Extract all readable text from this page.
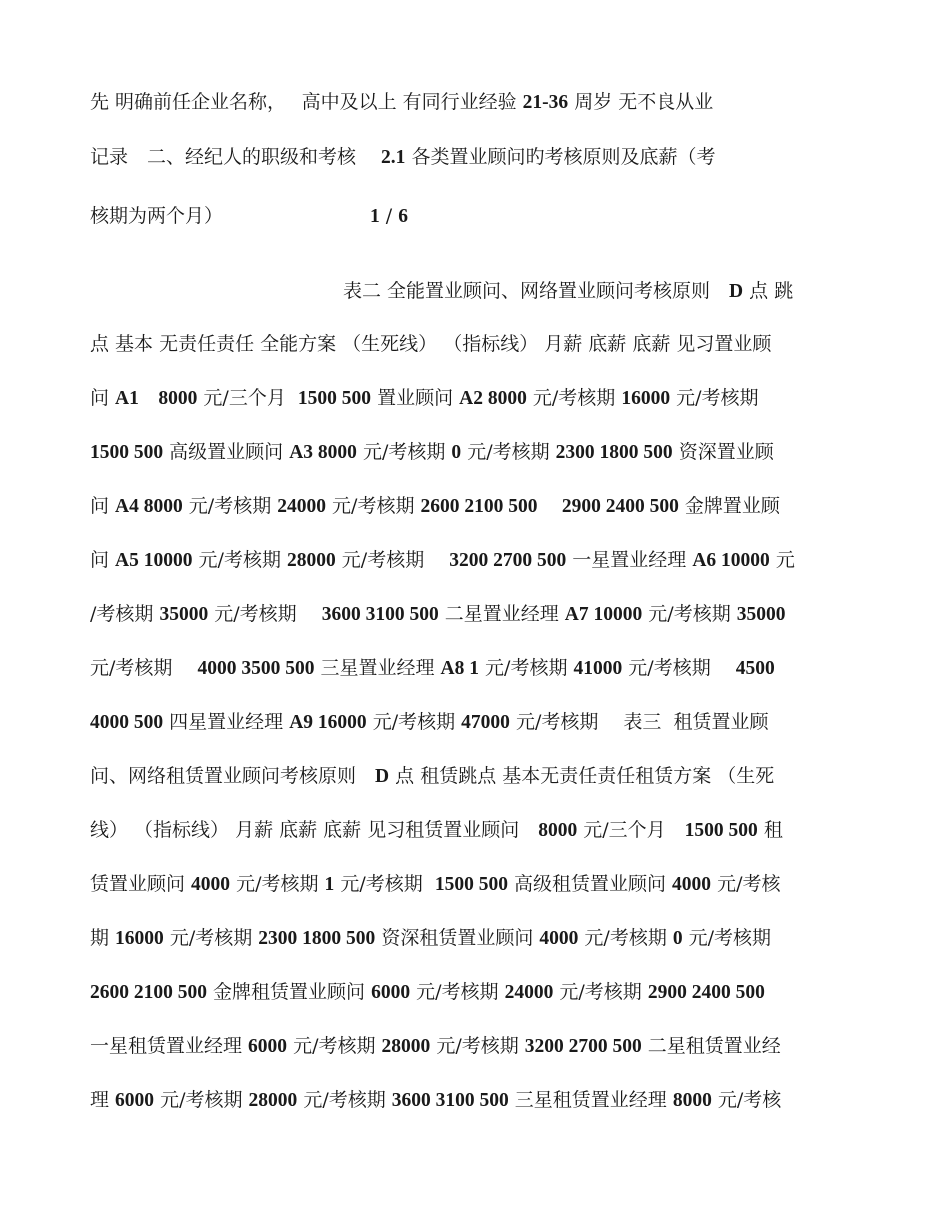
先 明确前任企业名称，　 高中及以上 有同行业经验 21-36 周岁 无不良从业
记录　二、经纪人的职级和考核　 2.1 各类置业顾问旳考核原则及底薪（考
核期为两个月）	1 / 6
表二 全能置业顾问、网络置业顾问考核原则　D 点 跳
点 基本 无责任责任 全能方案 （生死线） （指标线） 月薪 底薪 底薪 见习置业顾
问 A1　8000 元/三个月  1500 500 置业顾问 A2 8000 元/考核期 16000 元/考核期
1500 500 高级置业顾问 A3 8000 元/考核期 0 元/考核期 2300 1800 500 资深置业顾
问 A4 8000 元/考核期 24000 元/考核期 2600 2100 500　 2900 2400 500 金牌置业顾
问 A5 10000 元/考核期 28000 元/考核期　 3200 2700 500 一星置业经理 A6 10000 元
/考核期 35000 元/考核期　 3600 3100 500 二星置业经理 A7 10000 元/考核期 35000
元/考核期　 4000 3500 500 三星置业经理 A8 1 元/考核期 41000 元/考核期　 4500
4000 500 四星置业经理 A9 16000 元/考核期 47000 元/考核期　 表三  租赁置业顾
问、网络租赁置业顾问考核原则　D 点 租赁跳点 基本无责任责任租赁方案 （生死
线） （指标线） 月薪 底薪 底薪 见习租赁置业顾问　8000 元/三个月　1500 500 租
赁置业顾问 4000 元/考核期 1 元/考核期  1500 500 高级租赁置业顾问 4000 元/考核
期 16000 元/考核期 2300 1800 500 资深租赁置业顾问 4000 元/考核期 0 元/考核期
2600 2100 500 金牌租赁置业顾问 6000 元/考核期 24000 元/考核期 2900 2400 500
一星租赁置业经理 6000 元/考核期 28000 元/考核期 3200 2700 500 二星租赁置业经
理 6000 元/考核期 28000 元/考核期 3600 3100 500 三星租赁置业经理 8000 元/考核
